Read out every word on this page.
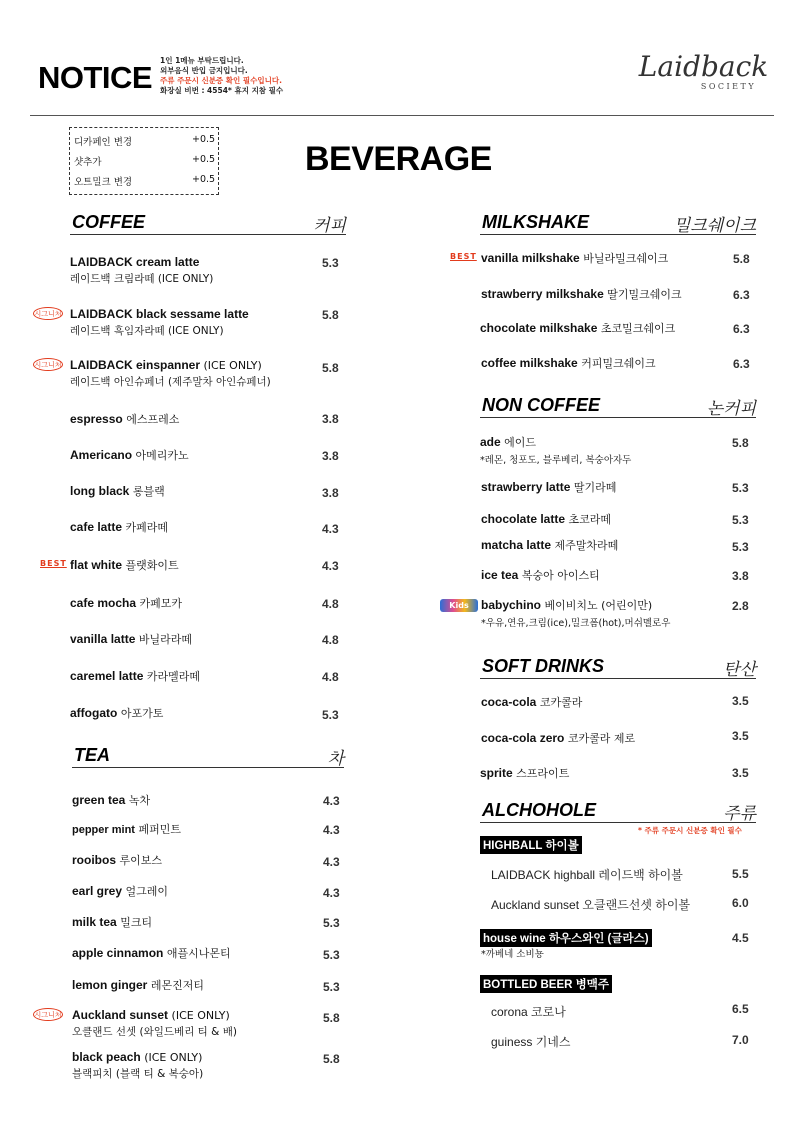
NOTICE 1인 1메뉴 부탁드립니다.
외부음식 반입 금지입니다.
주류 주문시 신분증 확인 필수입니다.
화장실 비번 : 4554* 휴지 지참 필수
Laidback
SOCIETY
디카페인 변경	+0.5
샷추가	+0.5
오트밀크 변경	+0.5
BEVERAGE
COFFEE	커피
LAIDBACK cream latte
레이드백 크림라떼 (ICE ONLY)
5.3
시그니처 LAIDBACK black sessame latte
레이드백 흑임자라떼 (ICE ONLY)
5.8
시그니처 LAIDBACK einspanner (ICE ONLY)
레이드백 아인슈페너 (제주말차 아인슈페너)
5.8
espresso 에스프레소	3.8
Americano 아메리카노	3.8
long black 롱블랙	3.8
cafe latte 카페라떼	4.3
BEST flat white 플랫화이트	4.3
cafe mocha 카페모카	4.8
vanilla latte 바닐라라떼	4.8
caremel latte 카라멜라떼	4.8
affogato 아포가토	5.3
TEA	차
green tea 녹차	4.3
pepper mint 페퍼민트	4.3
rooibos 루이보스	4.3
earl grey 얼그레이	4.3
milk tea 밀크티	5.3
apple cinnamon 애플시나몬티	5.3
lemon ginger 레몬진저티	5.3
시그니처 Auckland sunset (ICE ONLY)
오클랜드 선셋 (와일드베리 티 & 배)
5.8
black peach (ICE ONLY)
블랙피치 (블랙 티 & 복숭아)
5.8
MILKSHAKE	밀크쉐이크
BEST vanilla milkshake 바닐라밀크쉐이크	5.8
strawberry milkshake 딸기밀크쉐이크	6.3
chocolate milkshake 초코밀크쉐이크	6.3
coffee milkshake 커피밀크쉐이크	6.3
NON COFFEE	논커피
ade 에이드
*레몬, 청포도, 블루베리, 복숭아자두
5.8
strawberry latte 딸기라떼	5.3
chocolate latte 초코라떼	5.3
matcha latte 제주말차라떼	5.3
ice tea 복숭아 아이스티	3.8
Kids	babychino 베이비치노 (어린이만)
*우유,연유,크림(ice),밀크폼(hot),머쉬멜로우
2.8
SOFT DRINKS	탄산
coca-cola 코카콜라	3.5
coca-cola zero 코카콜라 제로	3.5
sprite 스프라이트	3.5
ALCHOHOLE	주류
* 주류 주문시 신분증 확인 필수
HIGHBALL 하이볼
LAIDBACK highball 레이드백 하이볼	5.5
Auckland sunset 오클랜드선셋 하이볼	6.0
house wine 하우스와인 (글라스)	4.5
*까베네 소비뇽
BOTTLED BEER 병맥주
corona 코로나	6.5
guiness 기네스	7.0
